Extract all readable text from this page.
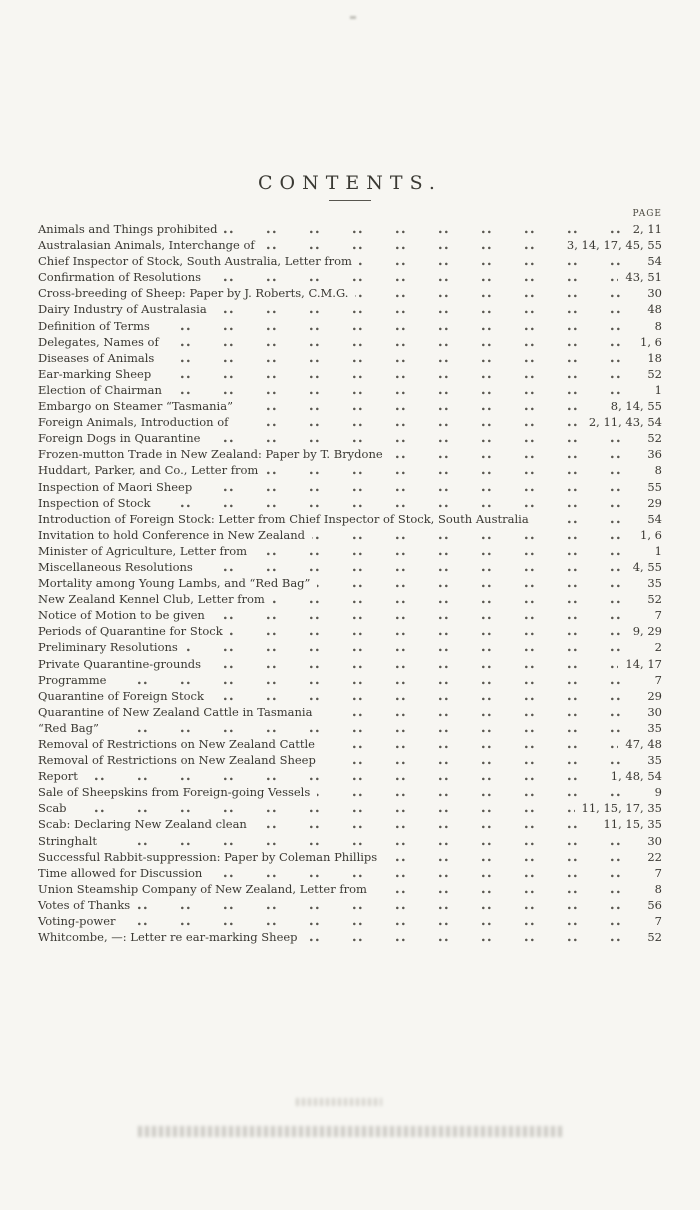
CONTENTS.
PAGE
Animals and Things prohibited	2, 11
Australasian Animals, Interchange of	3, 14, 17, 45, 55
Chief Inspector of Stock, South Australia, Letter from	54
Confirmation of Resolutions	43, 51
Cross-breeding of Sheep: Paper by J. Roberts, C.M.G.	30
Dairy Industry of Australasia	48
Definition of Terms	8
Delegates, Names of	1, 6
Diseases of Animals	18
Ear-marking Sheep	52
Election of Chairman	1
Embargo on Steamer “Tasmania”	8, 14, 55
Foreign Animals, Introduction of	2, 11, 43, 54
Foreign Dogs in Quarantine	52
Frozen-mutton Trade in New Zealand: Paper by T. Brydone	36
Huddart, Parker, and Co., Letter from	8
Inspection of Maori Sheep	55
Inspection of Stock	29
Introduction of Foreign Stock: Letter from Chief Inspector of Stock, South Australia	54
Invitation to hold Conference in New Zealand	1, 6
Minister of Agriculture, Letter from	1
Miscellaneous Resolutions	4, 55
Mortality among Young Lambs, and “Red Bag”	35
New Zealand Kennel Club, Letter from	52
Notice of Motion to be given	7
Periods of Quarantine for Stock	9, 29
Preliminary Resolutions	2
Private Quarantine-grounds	14, 17
Programme	7
Quarantine of Foreign Stock	29
Quarantine of New Zealand Cattle in Tasmania	30
“Red Bag”	35
Removal of Restrictions on New Zealand Cattle	47, 48
Removal of Restrictions on New Zealand Sheep	35
Report	1, 48, 54
Sale of Sheepskins from Foreign-going Vessels	9
Scab	11, 15, 17, 35
Scab: Declaring New Zealand clean	11, 15, 35
Stringhalt	30
Successful Rabbit-suppression: Paper by Coleman Phillips	22
Time allowed for Discussion	7
Union Steamship Company of New Zealand, Letter from	8
Votes of Thanks	56
Voting-power	7
Whitcombe, —: Letter re ear-marking Sheep	52
